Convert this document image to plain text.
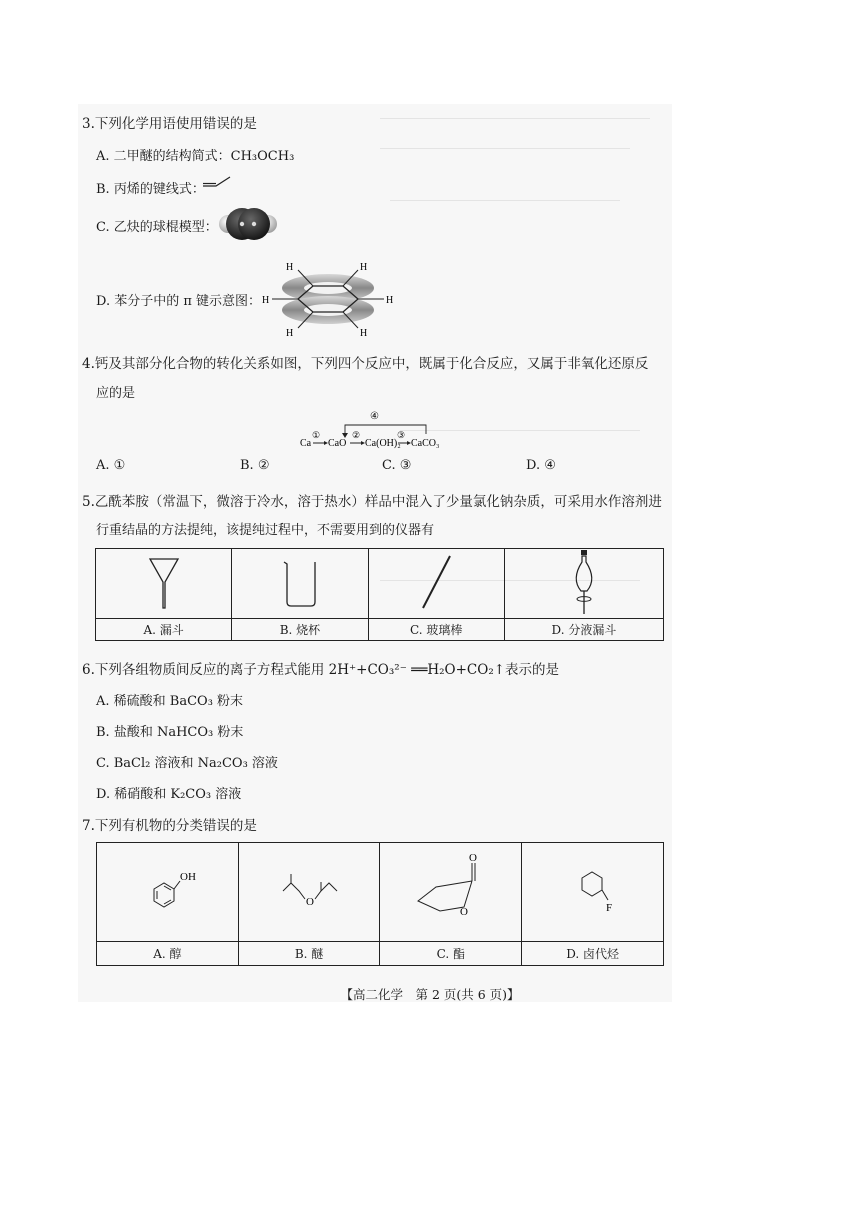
3.下列化学用语使用错误的是
A. 二甲醚的结构简式：CH₃OCH₃
B. 丙烯的键线式：
C. 乙炔的球棍模型：
D. 苯分子中的 π 键示意图：
H	H
H	H
H	H
4.钙及其部分化合物的转化关系如图，下列四个反应中，既属于化合反应，又属于非氧化还原反
应的是
④
Ca
①
CaO
②
Ca(OH)₂
③
CaCO₃
A. ①	B. ②	C. ③	D. ④
5.乙酰苯胺（常温下，微溶于冷水，溶于热水）样品中混入了少量氯化钠杂质，可采用水作溶剂进
行重结晶的方法提纯，该提纯过程中，不需要用到的仪器有

A. 漏斗	B. 烧杯	C. 玻璃棒	D. 分液漏斗
6.下列各组物质间反应的离子方程式能用 2H⁺+CO₃²⁻ ══H₂O+CO₂↑表示的是
A. 稀硫酸和 BaCO₃ 粉末
B. 盐酸和 NaHCO₃ 粉末
C. BaCl₂ 溶液和 Na₂CO₃ 溶液
D. 稀硝酸和 K₂CO₃ 溶液
7.下列有机物的分类错误的是
OH	O	O
O	F

A. 醇	B. 醚	C. 酯	D. 卤代烃
【高二化学　第 2 页(共 6 页)】
